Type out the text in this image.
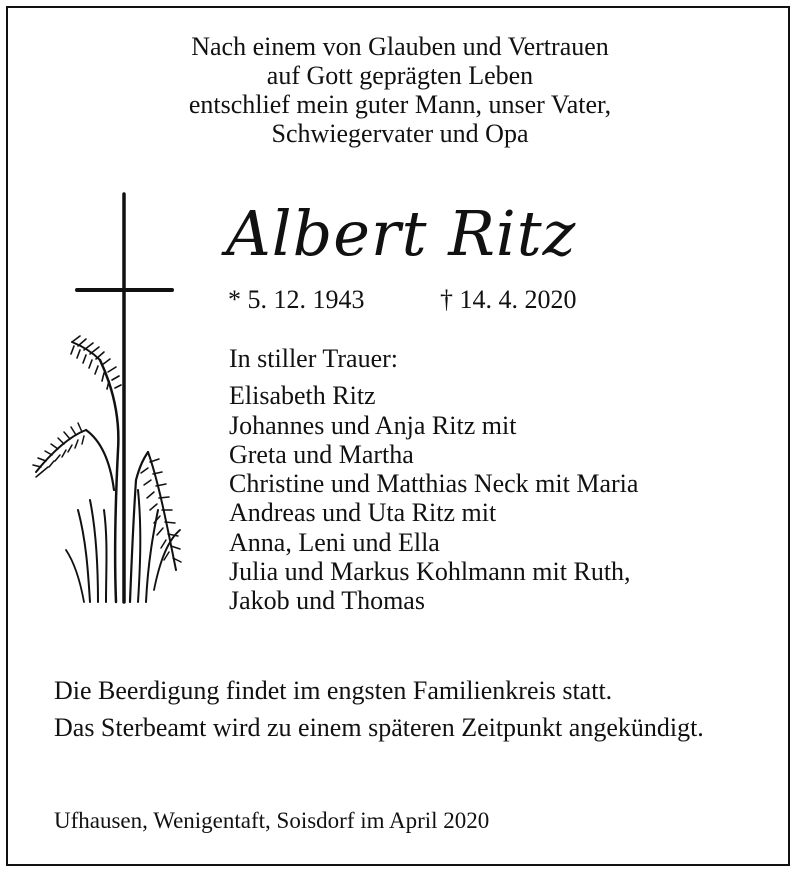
Nach einem von Glauben und Vertrauen
auf Gott geprägten Leben
entschlief mein guter Mann, unser Vater,
Schwiegervater und Opa
Albert Ritz
* 5. 12. 1943	† 14. 4. 2020
In stiller Trauer:
Elisabeth Ritz
Johannes und Anja Ritz mit
Greta und Martha
Christine und Matthias Neck mit Maria
Andreas und Uta Ritz mit
Anna, Leni und Ella
Julia und Markus Kohlmann mit Ruth,
Jakob und Thomas
Die Beerdigung findet im engsten Familienkreis statt.
Das Sterbeamt wird zu einem späteren Zeitpunkt angekündigt.
Ufhausen, Wenigentaft, Soisdorf im April 2020
